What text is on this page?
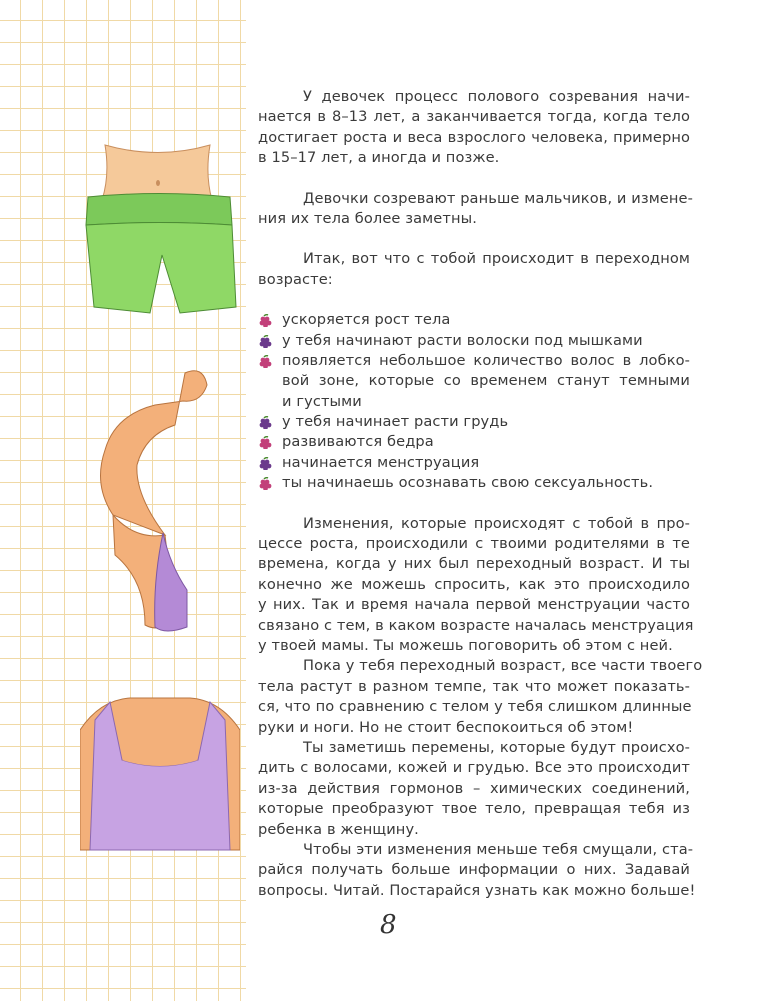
У девочек процесс полового созревания начи-
нается в 8–13 лет, а заканчивается тогда, когда тело
достигает роста и веса взрослого человека, примерно
в 15–17 лет, а иногда и позже.
Девочки созревают раньше мальчиков, и измене-
ния их тела более заметны.
Итак, вот что с тобой происходит в переходном
возрасте:
ускоряется рост тела
у тебя начинают расти волоски под мышками
появляется небольшое количество волос в лобко-
вой зоне, которые со временем станут темными
и густыми
у тебя начинает расти грудь
развиваются бедра
начинается менструация
ты начинаешь осознавать свою сексуальность.
Изменения, которые происходят с тобой в про-
цессе роста, происходили с твоими родителями в те
времена, когда у них был переходный возраст. И ты
конечно же можешь спросить, как это происходило
у них. Так и время начала первой менструации часто
связано с тем, в каком возрасте началась менструация
у твоей мамы. Ты можешь поговорить об этом с ней.
Пока у тебя переходный возраст, все части твоего
тела растут в разном темпе, так что может показать-
ся, что по сравнению с телом у тебя слишком длинные
руки и ноги. Но не стоит беспокоиться об этом!
Ты заметишь перемены, которые будут происхо-
дить с волосами, кожей и грудью. Все это происходит
из-за действия гормонов – химических соединений,
которые преобразуют твое тело, превращая тебя из
ребенка в женщину.
Чтобы эти изменения меньше тебя смущали, ста-
райся получать больше информации о них. Задавай
вопросы. Читай. Постарайся узнать как можно больше!
8
